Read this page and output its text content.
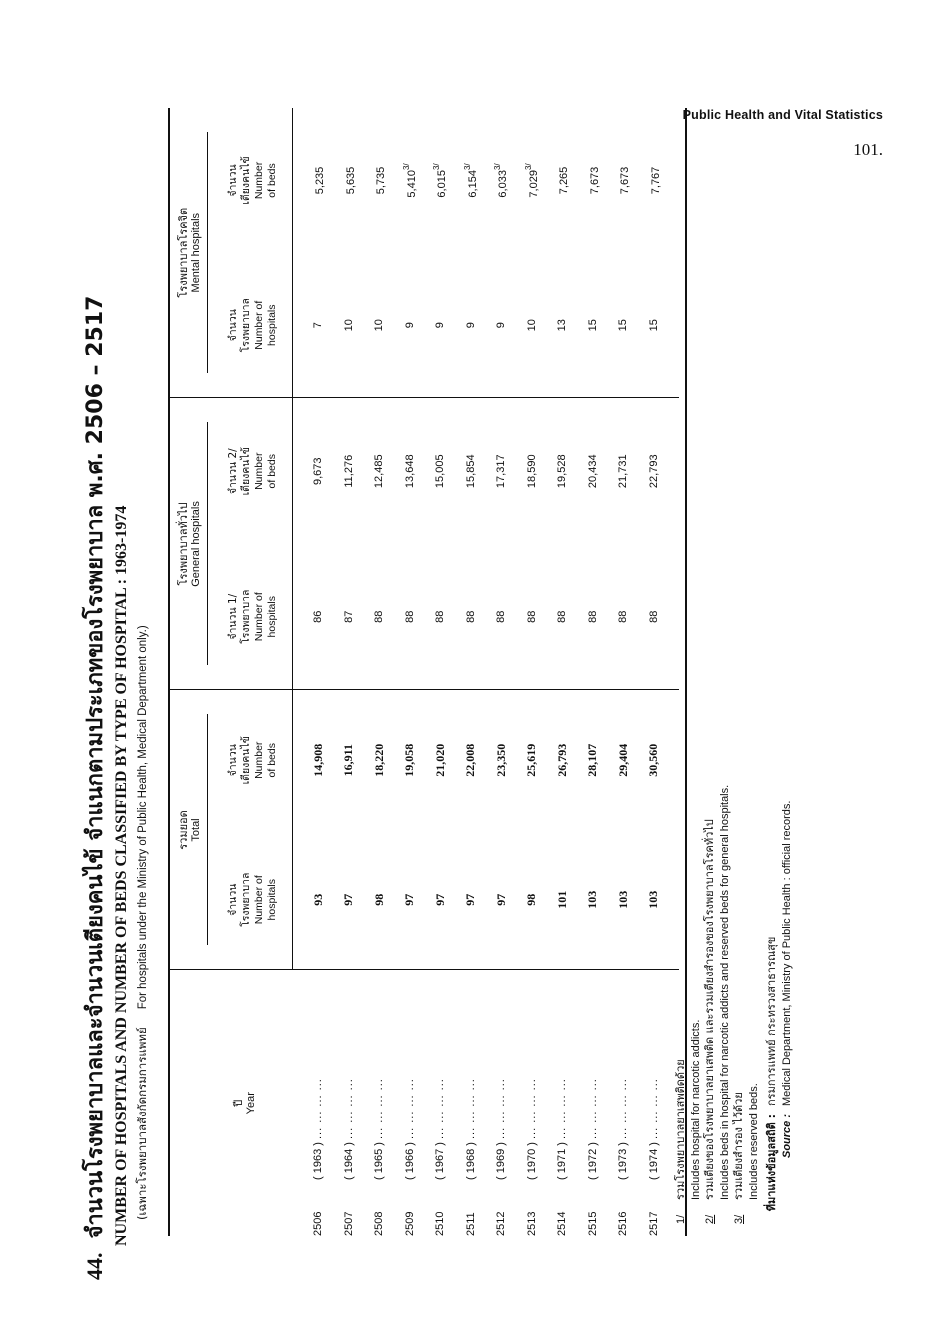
Public Health and Vital Statistics
101.
44.จำนวนโรงพยาบาลและจำนวนเตียงคนไข้ จำแนกตามประเภทของโรงพยาบาล พ.ศ. 2506 – 2517 NUMBER OF HOSPITALS AND NUMBER OF BEDS CLASSIFIED BY TYPE OF HOSPITAL : 1963-1974 (เฉพาะโรงพยาบาลสังกัดกรมการแพทย์For hospitals under the Ministry of Public Health, Medical Department only.)
ปี Year		รวมยอด Total		โรงพยาบาลทั่วไป General hospitals		โรงพยาบาลโรคจิต Mental hospitals	

		จำนวน โรงพยาบาล Number of hospitals	จำนวน เตียงคนไข้ Number of beds	จำนวน 1/ โรงพยาบาล Number of hospitals	จำนวน 2/ เตียงคนไข้ Number of beds	จำนวน โรงพยาบาล Number of hospitals	จำนวน เตียงคนไข้ Number of beds

2506	( 1963 ) ... ... ... ...	93	14,908	86	9,673	7	5,235
2507	( 1964 ) ... ... ... ...	97	16,911	87	11,276	10	5,635
2508	( 1965 ) ... ... ... ...	98	18,220	88	12,485	10	5,735
2509	( 1966 ) ... ... ... ...	97	19,058	88	13,648	9	$5,410^{3/}$
2510	( 1967 ) ... ... ... ...	97	21,020	88	15,005	9	$6,015^{3/}$
2511	( 1968 ) ... ... ... ...	97	22,008	88	15,854	9	$6,154^{3/}$
2512	( 1969 ) ... ... ... ...	97	23,350	88	17,317	9	$6,033^{3/}$
2513	( 1970 ) ... ... ... ...	98	25,619	88	18,590	10	$7,029^{3/}$
2514	( 1971 ) ... ... ... ...	101	26,793	88	19,528	13	7,265
2515	( 1972 ) ... ... ... ...	103	28,107	88	20,434	15	7,673
2516	( 1973 ) ... ... ... ...	103	29,404	88	21,731	15	7,673
2517	( 1974 ) ... ... ... ...	103	30,560	88	22,793	15	7,767

1/
รวมโรงพยาบาลยาเสพติดด้วย Includes hospital for narcotic addicts.
2/
รวมเตียงของโรงพยาบาลยาเสพติด และรวมเตียงสำรองของโรงพยาบาลโรคทั่วไป Includes beds in hospital for narcotic addicts and reserved beds for general hospitals.
3/
รวมเตียงสำรอง ไว้ด้วย Includes reserved beds. ที่มาแห่งข้อมูลสถิติ :
กรมการแพทย์ กระทรวงสาธารณสุข
Source :
Medical Department, Ministry of Public Health : official records.
